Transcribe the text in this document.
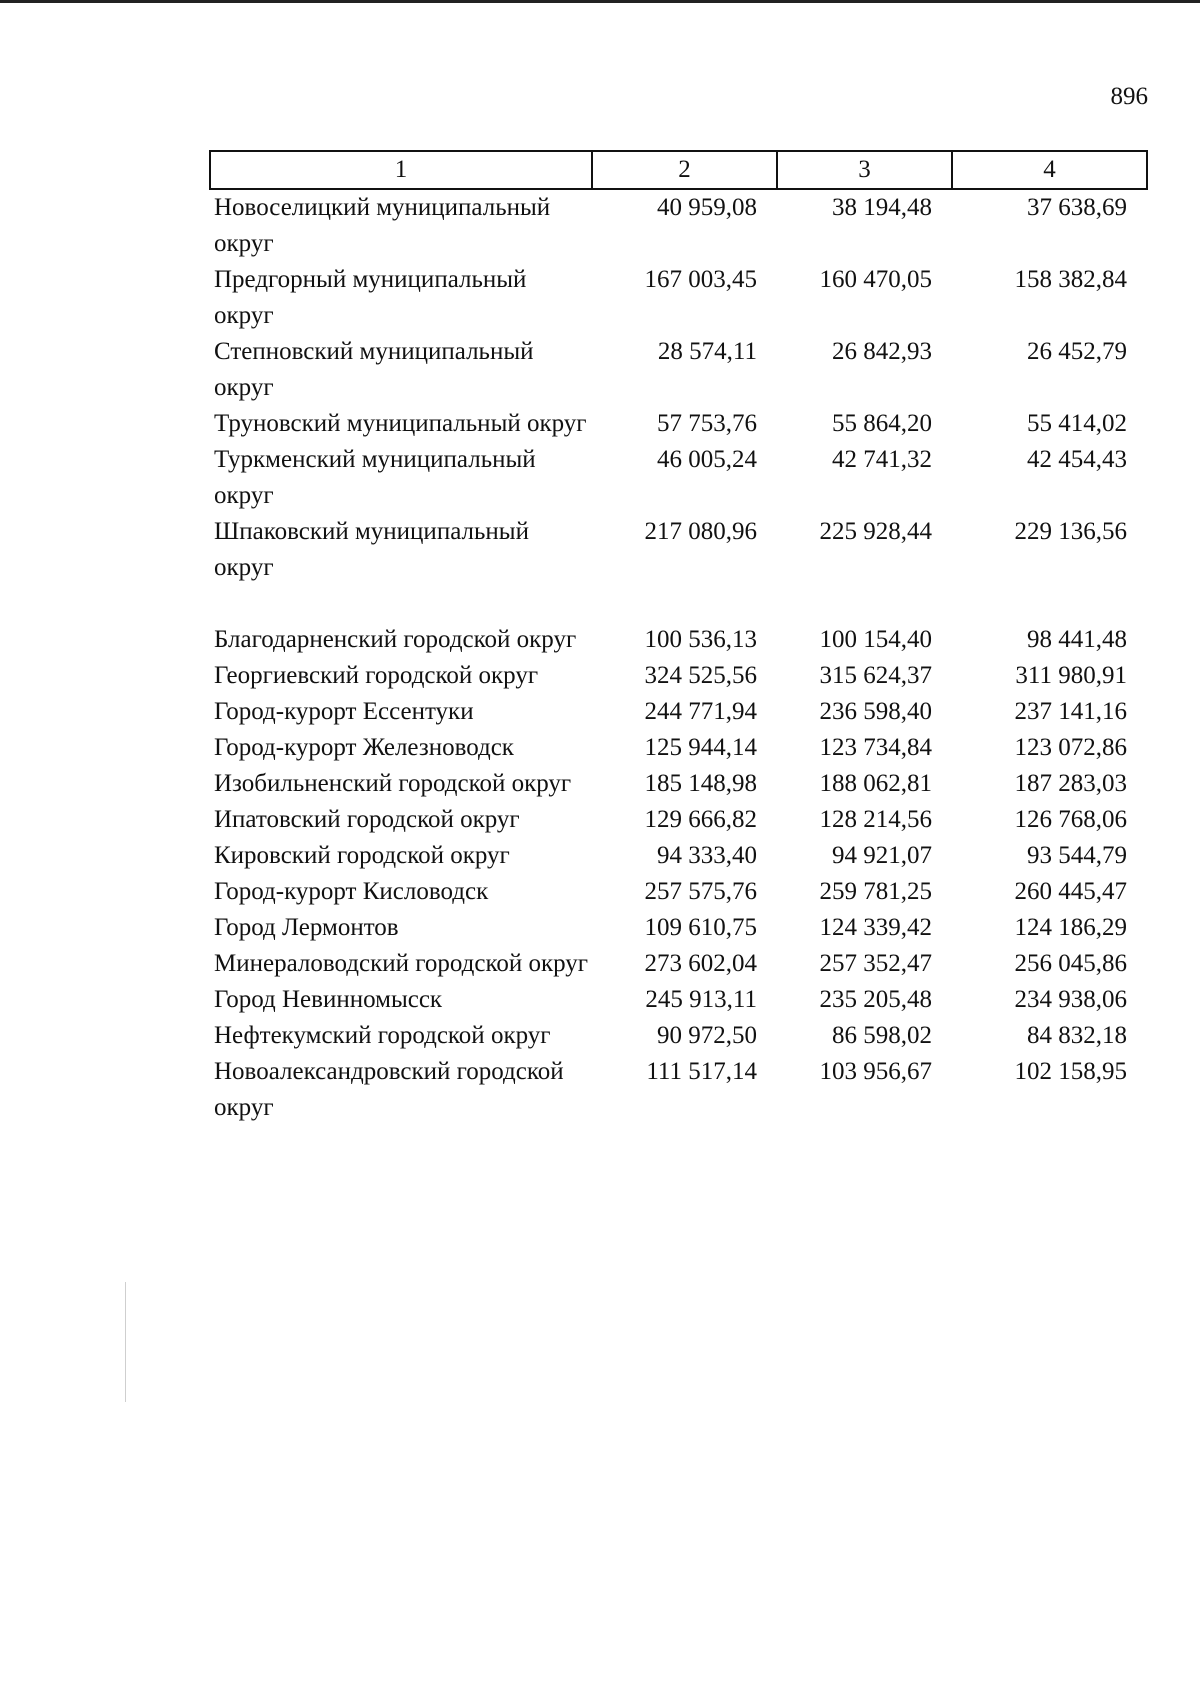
896
1	2	3	4
Новоселицкий муниципальный округ	40 959,08	38 194,48	37 638,69
Предгорный муниципальный округ	167 003,45	160 470,05	158 382,84
Степновский муниципальный округ	28 574,11	26 842,93	26 452,79
Труновский муниципальный округ	57 753,76	55 864,20	55 414,02
Туркменский муниципальный округ	46 005,24	42 741,32	42 454,43
Шпаковский муниципальный округ	217 080,96	225 928,44	229 136,56

Благодарненский городской округ	100 536,13	100 154,40	98 441,48
Георгиевский городской округ	324 525,56	315 624,37	311 980,91
Город-курорт Ессентуки	244 771,94	236 598,40	237 141,16
Город-курорт Железноводск	125 944,14	123 734,84	123 072,86
Изобильненский городской округ	185 148,98	188 062,81	187 283,03
Ипатовский городской округ	129 666,82	128 214,56	126 768,06
Кировский городской округ	94 333,40	94 921,07	93 544,79
Город-курорт Кисловодск	257 575,76	259 781,25	260 445,47
Город Лермонтов	109 610,75	124 339,42	124 186,29
Минераловодский городской округ	273 602,04	257 352,47	256 045,86
Город Невинномысск	245 913,11	235 205,48	234 938,06
Нефтекумский городской округ	90 972,50	86 598,02	84 832,18
Новоалександровский городской округ	111 517,14	103 956,67	102 158,95
